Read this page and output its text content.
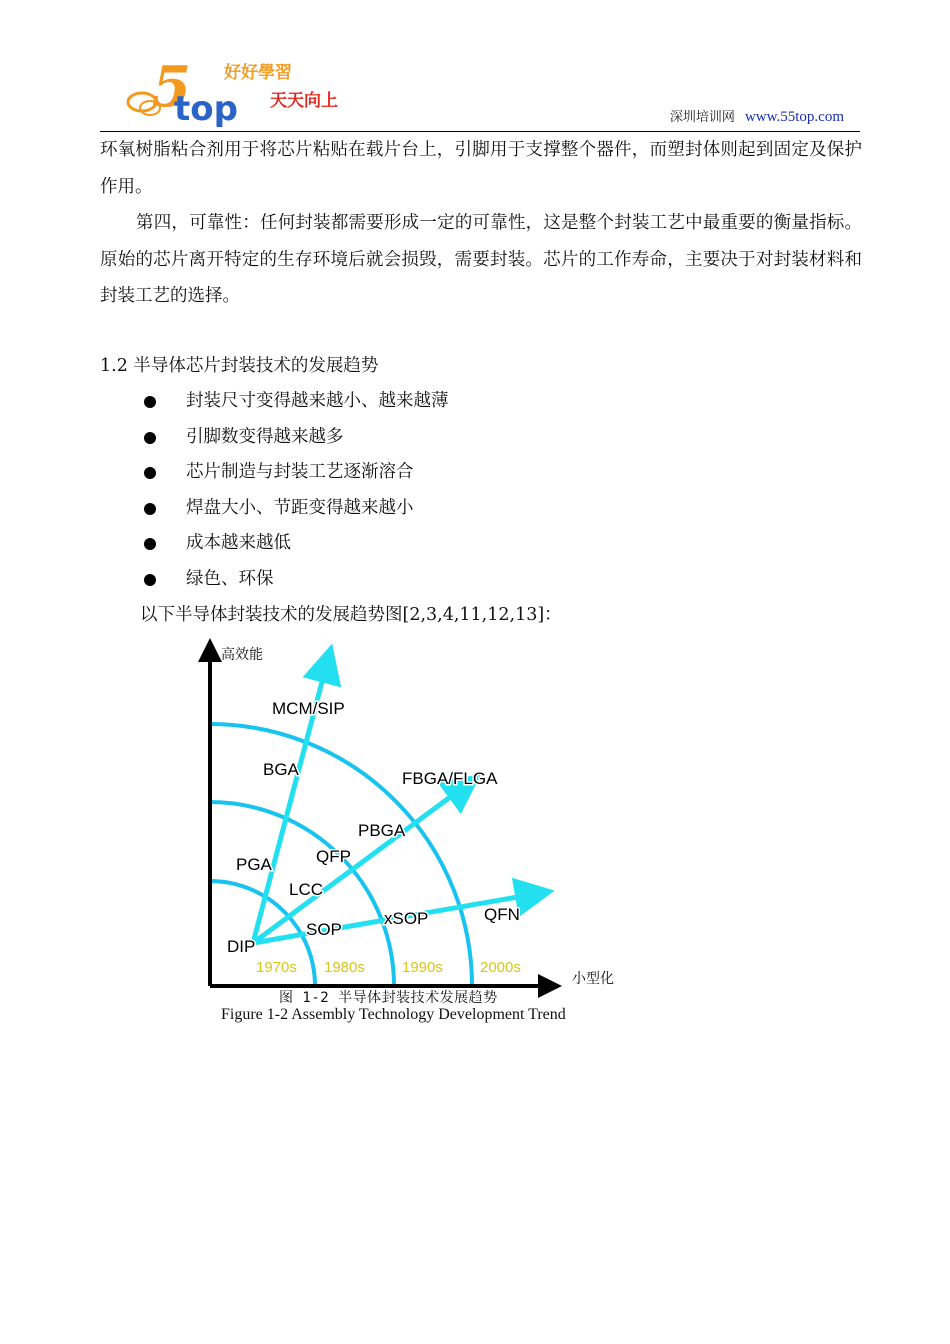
5
top
好好學習
天天向上
深圳培训网 www.55top.com

环氧树脂粘合剂用于将芯片粘贴在载片台上，引脚用于支撑整个器件，而塑封体则起到固定及保护作用。

第四，可靠性：任何封装都需要形成一定的可靠性，这是整个封装工艺中最重要的衡量指标。原始的芯片离开特定的生存环境后就会损毁，需要封装。芯片的工作寿命，主要决于对封装材料和封装工艺的选择。

1.2 半导体芯片封装技术的发展趋势

封装尺寸变得越来越小、越来越薄
引脚数变得越来越多
芯片制造与封装工艺逐渐溶合
焊盘大小、节距变得越来越小
成本越来越低
绿色、环保

以下半导体封装技术的发展趋势图[2,3,4,11,12,13]：

高效能
小型化
MCM/SIP
BGA	FBGA/FLGA
PBGA
PGA	QFP
LCC
xSOP	QFN
SOP
DIP
1970s 1980s 1990s 2000s
图 1-2 半导体封装技术发展趋势
Figure 1-2 Assembly Technology Development Trend
